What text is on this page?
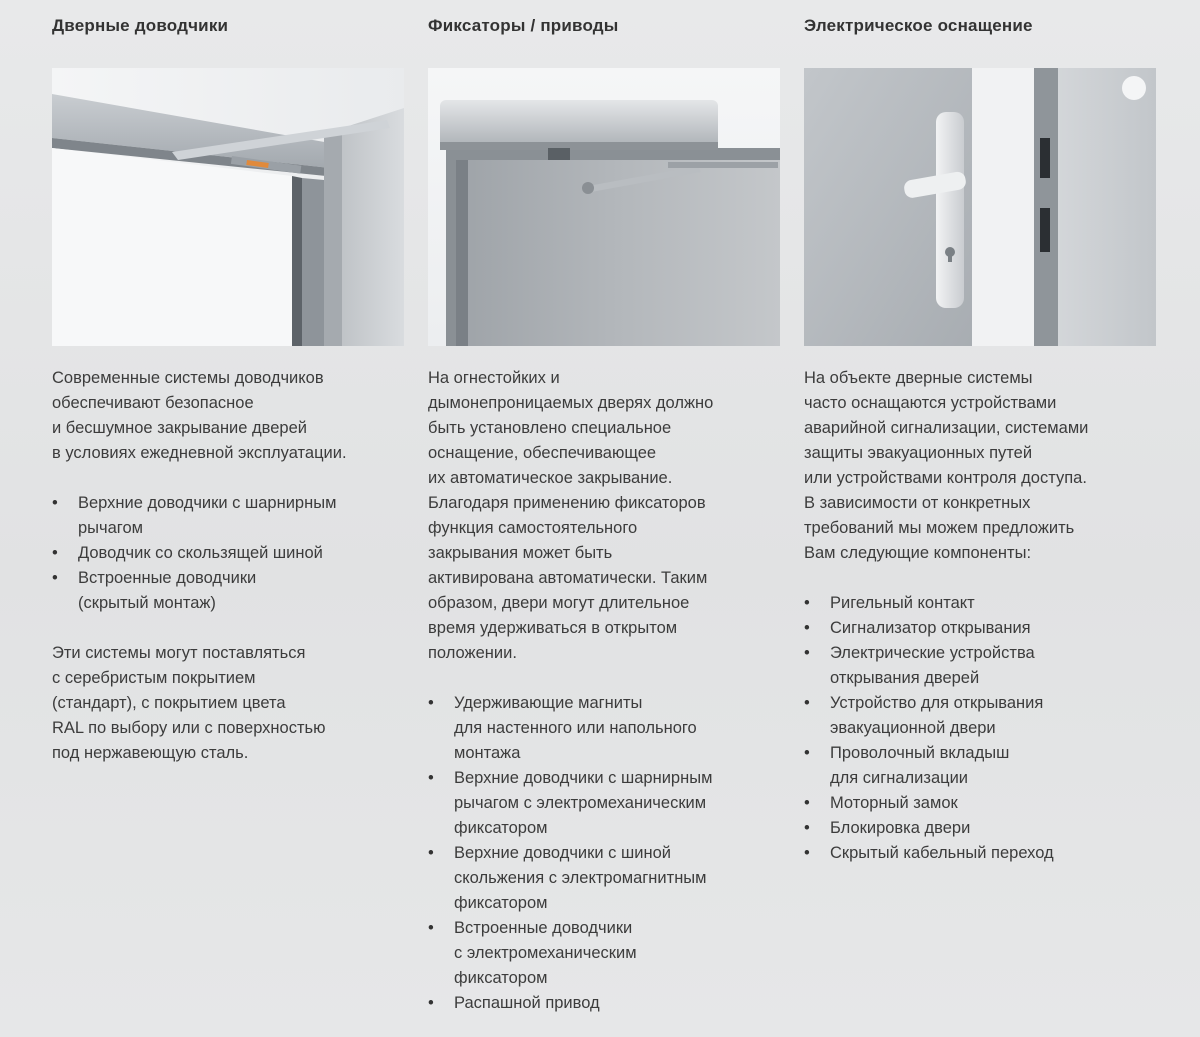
Дверные доводчики

Современные системы доводчиков
обеспечивают безопасное
и бесшумное закрывание дверей
в условиях ежедневной эксплуатации.

• Верхние доводчики с шарнирным
рычагом
• Доводчик со скользящей шиной
• Встроенные доводчики
(скрытый монтаж)

Эти системы могут поставляться
с серебристым покрытием
(стандарт), с покрытием цвета
RAL по выбору или с поверхностью
под нержавеющую сталь.

Фиксаторы / приводы

На огнестойких и
дымонепроницаемых дверях должно
быть установлено специальное
оснащение, обеспечивающее
их автоматическое закрывание.
Благодаря применению фиксаторов
функция самостоятельного
закрывания может быть
активирована автоматически. Таким
образом, двери могут длительное
время удерживаться в открытом
положении.

• Удерживающие магниты
для настенного или напольного
монтажа
• Верхние доводчики с шарнирным
рычагом с электромеханическим
фиксатором
• Верхние доводчики с шиной
скольжения с электромагнитным
фиксатором
• Встроенные доводчики
с электромеханическим
фиксатором
• Распашной привод
Электрическое оснащение

На объекте дверные системы
часто оснащаются устройствами
аварийной сигнализации, системами
защиты эвакуационных путей
или устройствами контроля доступа.
В зависимости от конкретных
требований мы можем предложить
Вам следующие компоненты:

• Ригельный контакт
• Сигнализатор открывания
• Электрические устройства
открывания дверей
• Устройство для открывания
эвакуационной двери
• Проволочный вкладыш
для сигнализации
• Моторный замок
• Блокировка двери
• Скрытый кабельный переход
